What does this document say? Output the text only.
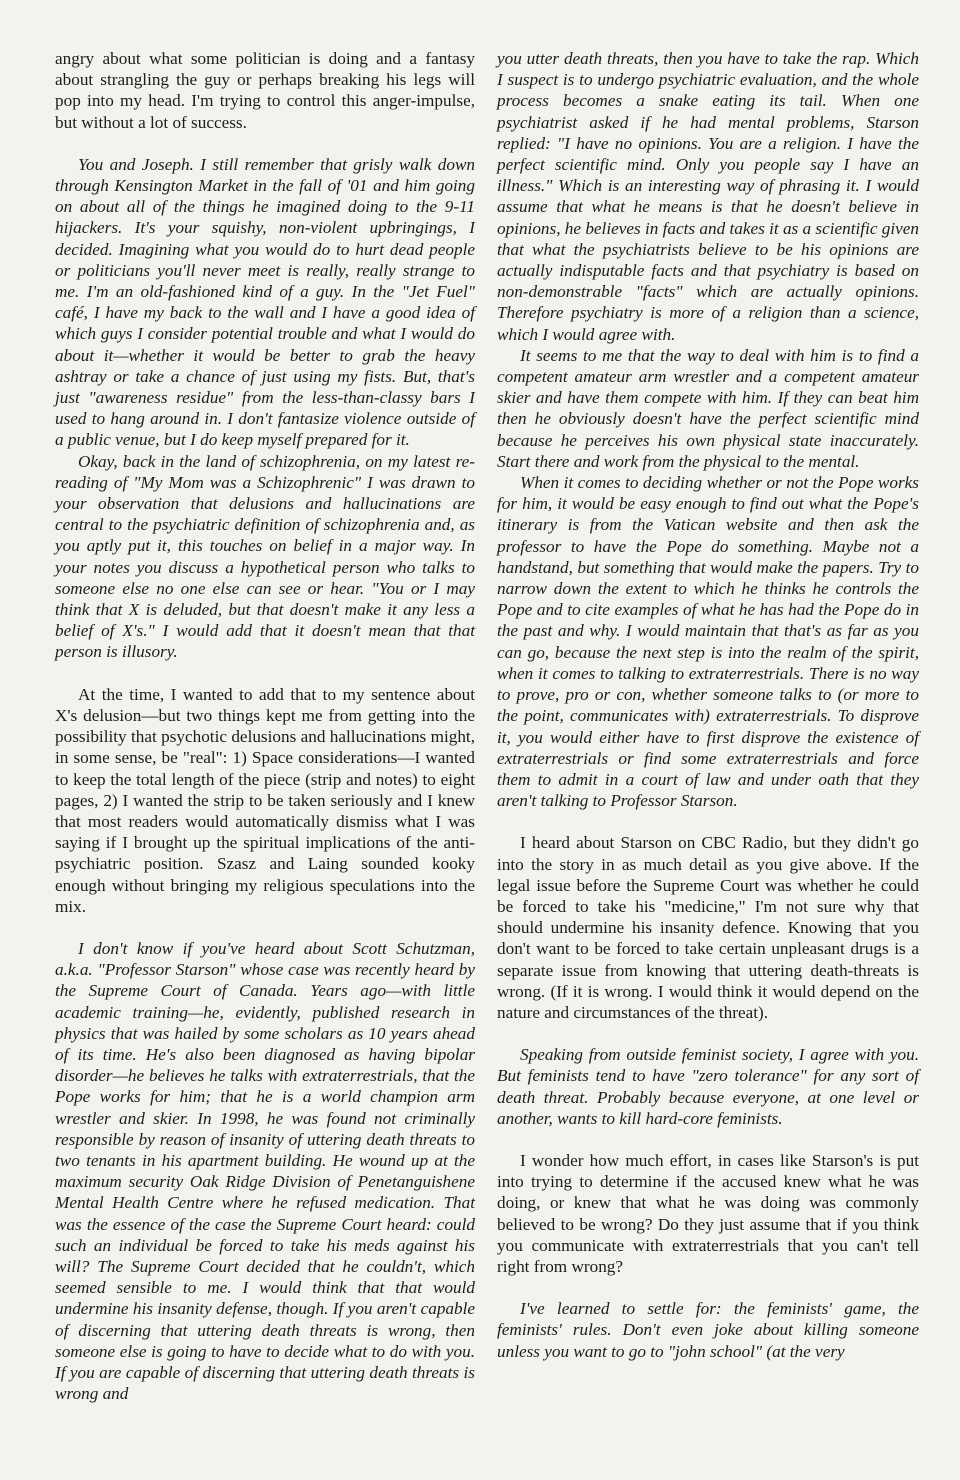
angry about what some politician is doing and a fantasy about strangling the guy or perhaps breaking his legs will pop into my head. I'm trying to control this anger-impulse, but without a lot of success.

You and Joseph. I still remember that grisly walk down through Kensington Market in the fall of '01 and him going on about all of the things he imagined doing to the 9-11 hijackers. It's your squishy, non-violent upbringings, I decided. Imagining what you would do to hurt dead people or politicians you'll never meet is really, really strange to me. I'm an old-fashioned kind of a guy. In the "Jet Fuel" café, I have my back to the wall and I have a good idea of which guys I consider potential trouble and what I would do about it—whether it would be better to grab the heavy ashtray or take a chance of just using my fists. But, that's just "awareness residue" from the less-than-classy bars I used to hang around in. I don't fantasize violence outside of a public venue, but I do keep myself prepared for it.

Okay, back in the land of schizophrenia, on my latest re-reading of "My Mom was a Schizophrenic" I was drawn to your observation that delusions and hallucinations are central to the psychiatric definition of schizophrenia and, as you aptly put it, this touches on belief in a major way. In your notes you discuss a hypothetical person who talks to someone else no one else can see or hear. "You or I may think that X is deluded, but that doesn't make it any less a belief of X's." I would add that it doesn't mean that that person is illusory.

At the time, I wanted to add that to my sentence about X's delusion—but two things kept me from getting into the possibility that psychotic delusions and hallucinations might, in some sense, be "real": 1) Space considerations—I wanted to keep the total length of the piece (strip and notes) to eight pages, 2) I wanted the strip to be taken seriously and I knew that most readers would automatically dismiss what I was saying if I brought up the spiritual implications of the anti-psychiatric position. Szasz and Laing sounded kooky enough without bringing my religious speculations into the mix.

I don't know if you've heard about Scott Schutzman, a.k.a. "Professor Starson" whose case was recently heard by the Supreme Court of Canada. Years ago—with little academic training—he, evidently, published research in physics that was hailed by some scholars as 10 years ahead of its time. He's also been diagnosed as having bipolar disorder—he believes he talks with extraterrestrials, that the Pope works for him; that he is a world champion arm wrestler and skier. In 1998, he was found not criminally responsible by reason of insanity of uttering death threats to two tenants in his apartment building. He wound up at the maximum security Oak Ridge Division of Penetanguishene Mental Health Centre where he refused medication. That was the essence of the case the Supreme Court heard: could such an individual be forced to take his meds against his will? The Supreme Court decided that he couldn't, which seemed sensible to me. I would think that that would undermine his insanity defense, though. If you aren't capable of discerning that uttering death threats is wrong, then someone else is going to have to decide what to do with you. If you are capable of discerning that uttering death threats is wrong and

you utter death threats, then you have to take the rap. Which I suspect is to undergo psychiatric evaluation, and the whole process becomes a snake eating its tail. When one psychiatrist asked if he had mental problems, Starson replied: "I have no opinions. You are a religion. I have the perfect scientific mind. Only you people say I have an illness." Which is an interesting way of phrasing it. I would assume that what he means is that he doesn't believe in opinions, he believes in facts and takes it as a scientific given that what the psychiatrists believe to be his opinions are actually indisputable facts and that psychiatry is based on non-demonstrable "facts" which are actually opinions. Therefore psychiatry is more of a religion than a science, which I would agree with.

It seems to me that the way to deal with him is to find a competent amateur arm wrestler and a competent amateur skier and have them compete with him. If they can beat him then he obviously doesn't have the perfect scientific mind because he perceives his own physical state inaccurately. Start there and work from the physical to the mental.

When it comes to deciding whether or not the Pope works for him, it would be easy enough to find out what the Pope's itinerary is from the Vatican website and then ask the professor to have the Pope do something. Maybe not a handstand, but something that would make the papers. Try to narrow down the extent to which he thinks he controls the Pope and to cite examples of what he has had the Pope do in the past and why. I would maintain that that's as far as you can go, because the next step is into the realm of the spirit, when it comes to talking to extraterrestrials. There is no way to prove, pro or con, whether someone talks to (or more to the point, communicates with) extraterrestrials. To disprove it, you would either have to first disprove the existence of extraterrestrials or find some extraterrestrials and force them to admit in a court of law and under oath that they aren't talking to Professor Starson.

I heard about Starson on CBC Radio, but they didn't go into the story in as much detail as you give above. If the legal issue before the Supreme Court was whether he could be forced to take his "medicine," I'm not sure why that should undermine his insanity defence. Knowing that you don't want to be forced to take certain unpleasant drugs is a separate issue from knowing that uttering death-threats is wrong. (If it is wrong. I would think it would depend on the nature and circumstances of the threat).

Speaking from outside feminist society, I agree with you. But feminists tend to have "zero tolerance" for any sort of death threat. Probably because everyone, at one level or another, wants to kill hard-core feminists.

I wonder how much effort, in cases like Starson's is put into trying to determine if the accused knew what he was doing, or knew that what he was doing was commonly believed to be wrong? Do they just assume that if you think you communicate with extraterrestrials that you can't tell right from wrong?

I've learned to settle for: the feminists' game, the feminists' rules. Don't even joke about killing someone unless you want to go to "john school" (at the very
